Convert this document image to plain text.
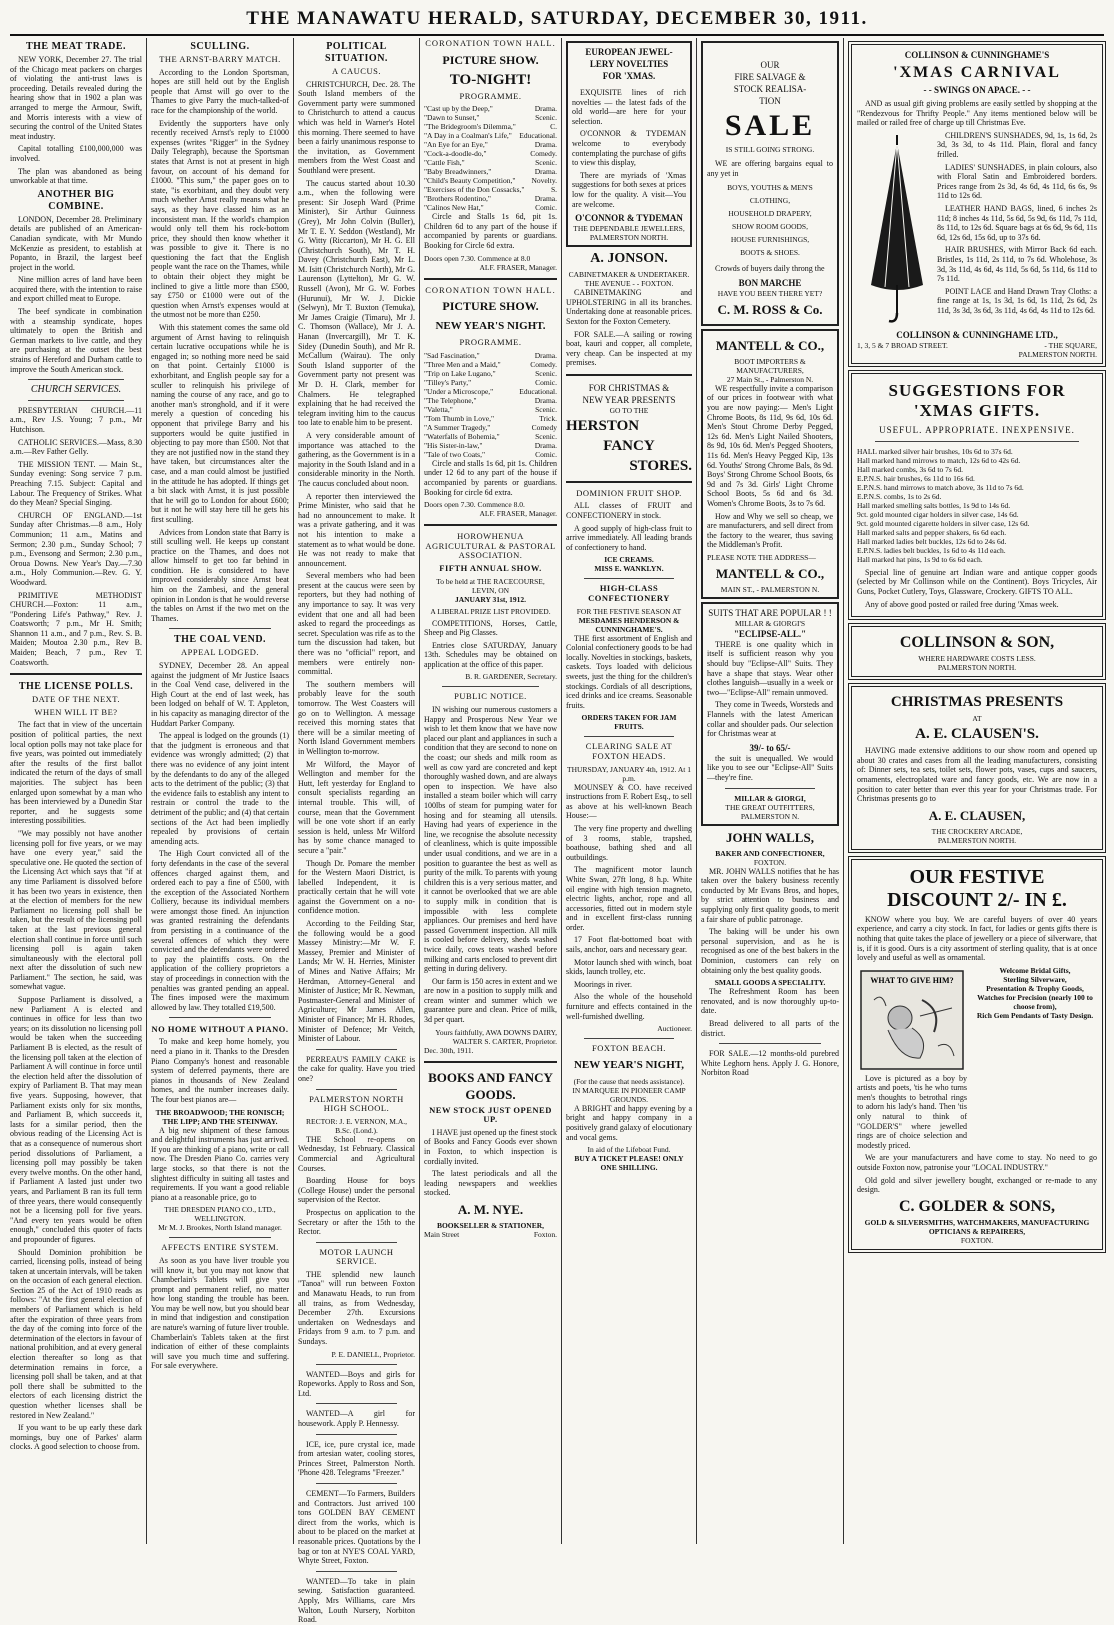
THE MANAWATU HERALD, SATURDAY, DECEMBER 30, 1911.
THE MEAT TRADE.

NEW YORK, December 27. The trial of the Chicago meat packers on charges of violating the anti-trust laws is proceeding. Details revealed during the hearing show that in 1902 a plan was arranged to merge the Armour, Swift, and Morris interests with a view of securing the control of the United States meat industry.

Capital totalling £100,000,000 was involved.

The plan was abandoned as being unworkable at that time.

ANOTHER BIG COMBINE.

LONDON, December 28. Preliminary details are published of an American-Canadian syndicate, with Mr Mundo McKenzie as president, to establish at Popanto, in Brazil, the largest beef project in the world.

Nine million acres of land have been acquired there, with the intention to raise and export chilled meat to Europe.

The beef syndicate in combination with a steamship syndicate, hopes ultimately to open the British and German markets to live cattle, and they are purchasing at the outset the best strains of Hereford and Durham cattle to improve the South American stock.

CHURCH SERVICES.

PRESBYTERIAN CHURCH.—11 a.m., Rev J.S. Young; 7 p.m., Mr Hutchison.

CATHOLIC SERVICES.—Mass, 8.30 a.m.—Rev Father Gelly.

THE MISSION TENT. — Main St., Sunday evening: Song service 7 p.m. Preaching 7.15. Subject: Capital and Labour. The Frequency of Strikes. What do they Mean? Special Singing.

CHURCH OF ENGLAND.—1st Sunday after Christmas.—8 a.m., Holy Communion; 11 a.m., Matins and Sermon; 2.30 p.m., Sunday School; 7 p.m., Evensong and Sermon; 2.30 p.m., Oroua Downs. New Year's Day.—7.30 a.m., Holy Communion.—Rev. G. Y. Woodward.

PRIMITIVE METHODIST CHURCH.—Foxton: 11 a.m., "Pondering Life's Pathway," Rev. J. Coatsworth; 7 p.m., Mr H. Smith; Shannon 11 a.m., and 7 p.m., Rev. S. B. Maiden; Moutoa 2.30 p.m., Rev B. Maiden; Beach, 7 p.m., Rev T. Coatsworth.

THE LICENSE POLLS.
DATE OF THE NEXT.
WHEN WILL IT BE?

The fact that in view of the uncertain position of political parties, the next local option polls may not take place for five years, was pointed out immediately after the results of the first ballot indicated the return of the days of small majorities. The subject has been enlarged upon somewhat by a man who has been interviewed by a Dunedin Star reporter, and he suggests some interesting possibilities.

"We may possibly not have another licensing poll for five years, or we may have one every year," said the speculative one. He quoted the section of the Licensing Act which says that "if at any time Parliament is dissolved before it has been two years in existence, then at the election of members for the new Parliament no licensing poll shall be taken, but the result of the licensing poll taken at the last previous general election shall continue in force until such licensing poll is again taken simultaneously with the electoral poll next after the dissolution of such new Parliament." The section, he said, was somewhat vague.

Suppose Parliament is dissolved, a new Parliament A is elected and continues in office for less than two years; on its dissolution no licensing poll would be taken when the succeeding Parliament B is elected, as the result of the licensing poll taken at the election of Parliament A will continue in force until the election held after the dissolution of expiry of Parliament B. That may mean five years. Supposing, however, that Parliament exists only for six months, and Parliament B, which succeeds it, lasts for a similar period, then the obvious reading of the Licensing Act is that as a consequence of numerous short period dissolutions of Parliament, a licensing poll may possibly be taken every twelve months. On the other hand, if Parliament A lasted just under two years, and Parliament B ran its full term of three years, there would consequently not be a licensing poll for five years. "And every ten years would be often enough," concluded this quoter of facts and propounder of figures.

Should Dominion prohibition be carried, licensing polls, instead of being taken at uncertain intervals, will be taken on the occasion of each general election. Section 25 of the Act of 1910 reads as follows: "At the first general election of members of Parliament which is held after the expiration of three years from the day of the coming into force of the determination of the electors in favour of national prohibition, and at every general election thereafter so long as that determination remains in force, a licensing poll shall be taken, and at that poll there shall be submitted to the electors of each licensing district the question whether licenses shall be restored in New Zealand."

If you want to be up early these dark mornings, buy one of Parkes' alarm clocks. A good selection to choose from.

SCULLING.
THE ARNST-BARRY MATCH.

According to the London Sportsman, hopes are still held out by the English people that Arnst will go over to the Thames to give Parry the much-talked-of race for the championship of the world.

Evidently the supporters have only recently received Arnst's reply to £1000 expenses (writes "Rigger" in the Sydney Daily Telegraph), because the Sportsman states that Arnst is not at present in high favour, on account of his demand for £1000. "This sum," the paper goes on to state, "is exorbitant, and they doubt very much whether Arnst really means what he says, as they have classed him as an inconsistent man. If the world's champion would only tell them his rock-bottom price, they should then know whether it was possible to give it. There is no questioning the fact that the English people want the race on the Thames, while to obtain their object they might be inclined to give a little more than £500, say £750 or £1000 were out of the question when Arnst's expenses would at the utmost not be more than £250.

With this statement comes the same old argument of Arnst having to relinquish certain lucrative occupations while he is engaged in; so nothing more need be said on that point. Certainly £1000 is exhorbitant, and English people say for a sculler to relinquish his privilege of naming the course of any race, and go to another man's stronghold, and if it were merely a question of conceding his opponent that privilege Barry and his supporters would be quite justified in objecting to pay more than £500. Not that they are not justified now in the stand they have taken, but circumstances alter the case, and a man could almost be justified in the attitude he has adopted. If things get a bit slack with Arnst, it is just possible that he will go to London for about £600; but it not he will stay here till he gets his first sculling.

Advices from London state that Barry is still sculling well. He keeps up constant practice on the Thames, and does not allow himself to get too far behind in condition. He is considered to have improved considerably since Arnst beat him on the Zambesi, and the general opinion in London is that he would reverse the tables on Arnst if the two met on the Thames.

THE COAL VEND.
APPEAL LODGED.

SYDNEY, December 28. An appeal against the judgment of Mr Justice Isaacs in the Coal Vend case, delivered in the High Court at the end of last week, has been lodged on behalf of W. T. Appleton, in his capacity as managing director of the Huddart Parker Company.

The appeal is lodged on the grounds (1) that the judgment is erroneous and that evidence was wrongly admitted; (2) that there was no evidence of any joint intent by the defendants to do any of the alleged acts to the detriment of the public; (3) that the evidence fails to establish any intent to restrain or control the trade to the detriment of the public; and (4) that certain sections of the Act had been impliedly repealed by provisions of certain amending acts.

The High Court convicted all of the forty defendants in the case of the several offences charged against them, and ordered each to pay a fine of £500, with the exception of the Associated Northern Colliery, because its individual members were amongst those fined. An injunction was granted restraining the defendants from persisting in a continuance of the several offences of which they were convicted and the defendants were ordered to pay the plaintiffs costs. On the application of the colliery proprietors a stay of proceedings in connection with the penalties was granted pending an appeal. The fines imposed were the maximum allowed by law. They totalled £19,500.

NO HOME WITHOUT A PIANO.

To make and keep home homely, you need a piano in it. Thanks to the Dresden Piano Company's honest and reasonable system of deferred payments, there are pianos in thousands of New Zealand homes, and the number increases daily. The four best pianos are—

THE BROADWOOD; THE RONISCH; THE LIPP; AND THE STEINWAY.

A big new shipment of these famous and delightful instruments has just arrived. If you are thinking of a piano, write or call now. The Dresden Piano Co. carries very large stocks, so that there is not the slightest difficulty in suiting all tastes and requirements. If you want a good reliable piano at a reasonable price, go to

THE DRESDEN PIANO CO., LTD., WELLINGTON.
Mr M. J. Brookes, North Island manager.
AFFECTS ENTIRE SYSTEM.

As soon as you have liver trouble you will know it, but you may not know that Chamberlain's Tablets will give you prompt and permanent relief, no matter how long standing the trouble has been. You may be well now, but you should bear in mind that indigestion and constipation are nature's warning of future liver trouble. Chamberlain's Tablets taken at the first indication of either of these complaints will save you much time and suffering. For sale everywhere.

POLITICAL SITUATION.
A CAUCUS.

CHRISTCHURCH, Dec. 28. The South Island members of the Government party were summoned to Christchurch to attend a caucus which was held in Warner's Hotel this morning. There seemed to have been a fairly unanimous response to the invitation, as Government members from the West Coast and Southland were present.

The caucus started about 10.30 a.m., when the following were present: Sir Joseph Ward (Prime Minister), Sir Arthur Guinness (Grey), Mr John Colvin (Buller), Mr T. E. Y. Seddon (Westland), Mr G. Witty (Riccarton), Mr H. G. Ell (Christchurch South), Mr T. H. Davey (Christchurch East), Mr L. M. Isitt (Christchurch North), Mr G. Laurenson (Lyttelton), Mr G. W. Russell (Avon), Mr G. W. Forbes (Hurunui), Mr W. J. Dickie (Selwyn), Mr T. Buxton (Temuka), Mr James Craigie (Timaru), Mr J. C. Thomson (Wallace), Mr J. A. Hanan (Invercargill), Mr T. K. Sidey (Dunedin South), and Mr R. McCallum (Wairau). The only South Island supporter of the Government party not present was Mr D. H. Clark, member for Chalmers. He telegraphed explaining that he had received the telegram inviting him to the caucus too late to enable him to be present.

A very considerable amount of importance was attached to the gathering, as the Government is in a majority in the South Island and in a considerable minority in the North. The caucus concluded about noon.

A reporter then interviewed the Prime Minister, who said that he had no announcement to make. It was a private gathering, and it was not his intention to make a statement as to what would be done. He was not ready to make that announcement.

Several members who had been present at the caucus were seen by reporters, but they had nothing of any importance to say. It was very evident that one and all had been asked to regard the proceedings as secret. Speculation was rife as to the turn the discussion had taken, but there was no "official" report, and members were entirely non-committal.

The southern members will probably leave for the south tomorrow. The West Coasters will go on to Wellington. A message received this morning states that there will be a similar meeting of North Island Government members in Wellington to-morrow.

Mr Wilford, the Mayor of Wellington and member for the Hutt, left yesterday for England to consult specialists regarding an internal trouble. This will, of course, mean that the Government will be one vote short if an early session is held, unless Mr Wilford has by some chance managed to secure a "pair."

Though Dr. Pomare the member for the Western Maori District, is labelled Independent, it is practically certain that he will vote against the Government on a no-confidence motion.

According to the Feilding Star, the following would be a good Massey Ministry:—Mr W. F. Massey, Premier and Minister of Lands; Mr W. H. Herries, Minister of Mines and Native Affairs; Mr Herdman, Attorney-General and Minister of Justice; Mr R. Newman, Postmaster-General and Minister of Agriculture; Mr James Allen, Minister of Finance; Mr H. Rhodes, Minister of Defence; Mr Veitch, Minister of Labour.

PERREAU'S FAMILY CAKE is the cake for quality. Have you tried one?

PALMERSTON NORTH HIGH SCHOOL.
RECTOR: J. E. VERNON, M.A., B.Sc. (Lond.).

THE School re-opens on Wednesday, 1st February. Classical Commercial and Agricultural Courses.

Boarding House for boys (College House) under the personal supervision of the Rector.

Prospectus on application to the Secretary or after the 15th to the Rector.

MOTOR LAUNCH SERVICE.

THE splendid new launch "Tanoa" will run between Foxton and Manawatu Heads, to run from all trains, as from Wednesday, December 27th. Excursions undertaken on Wednesdays and Fridays from 9 a.m. to 7 p.m. and Sundays.

P. E. DANIELL, Proprietor.

WANTED—Boys and girls for Ropeworks. Apply to Ross and Son, Ltd.

WANTED—A girl for housework. Apply P. Hennessy.

ICE, ice, pure crystal ice, made from artesian water, cooling stores, Princes Street, Palmerston North. 'Phone 428. Telegrams "Freezer."

CEMENT—To Farmers, Builders and Contractors. Just arrived 100 tons GOLDEN BAY CEMENT direct from the works, which is about to be placed on the market at reasonable prices. Quotations by the bag or ton at NYE'S COAL YARD, Whyte Street, Foxton.

WANTED—To take in plain sewing. Satisfaction guaranteed. Apply, Mrs Williams, care Mrs Walton, Louth Nursery, Norbiton Road.

CORONATION TOWN HALL.
PICTURE SHOW.
TO-NIGHT!
PROGRAMME.
"Cast up by the Deep,"	Drama.
"Dawn to Sunset,"	Scenic.
"The Bridegroom's Dilemma,"	C.
"A Day in a Coalman's Life," Educational.
"An Eye for an Eye,"	Drama.
"Cock-a-doodle-do,"	Comedy.
"Cattle Fish,"	Scenic.
"Baby Breadwinners,"	Drama.
"Child's Beauty Competition," Novelty.
"Exercises of the Don Cossacks,"	S.
"Brothers Rodentino,"	Drama.
"Calinos New Hat,"	Comic.

Circle and Stalls 1s 6d, pit 1s. Children 6d to any part of the house if accompanied by parents or guardians. Booking for Circle 6d extra.

Doors open 7.30. Commence at 8.0
ALF. FRASER, Manager.
CORONATION TOWN HALL.
PICTURE SHOW.
NEW YEAR'S NIGHT.
PROGRAMME.
"Sad Fascination,"	Drama.
"Three Men and a Maid,"	Comedy.
"Trip on Lake Lugano,"	Scenic.
"Tilley's Party,"	Comic.
"Under a Microscope,"	Educational.
"The Telephone,"	Drama.
"Valetta,"	Scenic.
"Tom Thumb in Love,"	Trick.
"A Summer Tragedy,"	Comedy
"Waterfalls of Bohemia,"	Scenic.
"His Sister-in-law,"	Drama.
"Tale of two Coats,"	Comic.

Circle and stalls 1s 6d, pit 1s. Children under 12 6d to any part of the house if accompanied by parents or guardians. Booking for circle 6d extra.

Doors open 7.30. Commence 8.0.
ALF. FRASER, Manager.
HOROWHENUA AGRICULTURAL & PASTORAL ASSOCIATION.
FIFTH ANNUAL SHOW.
To be held at THE RACECOURSE, LEVIN, ON
JANUARY 31st, 1912.
A LIBERAL PRIZE LIST PROVIDED.

COMPETITIONS, Horses, Cattle, Sheep and Pig Classes.

Entries close SATURDAY, January 13th. Schedules may be obtained on application at the office of this paper.

B. R. GARDENER, Secretary.
PUBLIC NOTICE.

IN wishing our numerous customers a Happy and Prosperous New Year we wish to let them know that we have now placed our plant and appliances in such a condition that they are second to none on the coast; our sheds and milk room as well as cow yard are concreted and kept thoroughly washed down, and are always open to inspection. We have also installed a steam boiler which will carry 100lbs of steam for pumping water for hosing and for steaming all utensils. Having had years of experience in the line, we recognise the absolute necessity of cleanliness, which is quite impossible under usual conditions, and we are in a position to guarantee the best as well as purity of the milk. To parents with young children this is a very serious matter, and it cannot be overlooked that we are able to supply milk in condition that is impossible with less complete appliances. Our premises and herd have passed Government inspection. All milk is cooled before delivery, sheds washed twice daily, cows teats washed before milking and carts enclosed to prevent dirt getting in during delivery.

Our farm is 150 acres in extent and we are now in a position to supply milk and cream winter and summer which we guarantee pure and clean. Price of milk, 3d per quart.

Yours faithfully, AWA DOWNS DAIRY, WALTER S. CARTER, Proprietor.
Dec. 30th, 1911.
BOOKS AND FANCY GOODS.
NEW STOCK JUST OPENED UP.

I HAVE just opened up the finest stock of Books and Fancy Goods ever shown in Foxton, to which inspection is cordially invited.

The latest periodicals and all the leading newspapers and weeklies stocked.

A. M. NYE.
BOOKSELLER & STATIONER,
Main Street	Foxton.
EUROPEAN JEWEL-
LERY NOVELTIES
FOR 'XMAS.

EXQUISITE lines of rich novelties — the latest fads of the old world—are here for your selection.

O'CONNOR & TYDEMAN welcome to everybody contemplating the purchase of gifts to view this display,

There are myriads of 'Xmas suggestions for both sexes at prices low for the quality. A visit—You are welcome.

O'CONNOR & TYDEMAN
THE DEPENDABLE JEWELLERS,
PALMERSTON NORTH.
A. JONSON.
CABINETMAKER & UNDERTAKER.
THE AVENUE - - FOXTON.

CABINETMAKING and UPHOLSTERING in all its branches. Undertaking done at reasonable prices. Sexton for the Foxton Cemetery.

FOR SALE.—A sailing or rowing boat, kauri and copper, all complete, very cheap. Can be inspected at my premises.

FOR CHRISTMAS &
NEW YEAR PRESENTS
GO TO THE
HERSTON
FANCY
STORES.
DOMINION FRUIT SHOP.

ALL classes of FRUIT and CONFECTIONERY in stock.

A good supply of high-class fruit to arrive immediately. All leading brands of confectionery to hand.

ICE CREAMS.
MISS E. WANKLYN.
HIGH-CLASS CONFECTIONERY
FOR THE FESTIVE SEASON AT
MESDAMES HENDERSON & CUNNINGHAME'S.

THE first assortment of English and Colonial confectionery goods to be had locally. Novelties in stockings, baskets, caskets. Toys loaded with delicious sweets, just the thing for the children's stockings. Cordials of all descriptions, iced drinks and ice creams. Seasonable fruits.

ORDERS TAKEN FOR JAM FRUITS.
CLEARING SALE AT FOXTON HEADS.
THURSDAY, JANUARY 4th, 1912. At 1 p.m.

MOUNSEY & CO. have received instructions from F. Robert Esq., to sell as above at his well-known Beach House:—

The very fine property and dwelling of 3 rooms, stable, trapshed, boathouse, bathing shed and all outbuildings.

The magnificent motor launch White Swan, 27ft long, 8 h.p. White oil engine with high tension magneto, electric lights, anchor, rope and all accessories, fitted out in modern style and in excellent first-class running order.

17 Foot flat-bottomed boat with sails, anchor, oars and necessary gear.

Motor launch shed with winch, boat skids, launch trolley, etc.

Moorings in river.

Also the whole of the household furniture and effects contained in the well-furnished dwelling.

Auctioneer.
FOXTON BEACH.
NEW YEAR'S NIGHT,
(For the cause that needs assistance).
IN MARQUEE IN PIONEER CAMP GROUNDS.

A BRIGHT and happy evening by a bright and happy company in a positively grand galaxy of elocutionary and vocal gems.

In aid of the Lifeboat Fund.
BUY A TICKET PLEASE! ONLY ONE SHILLING.
OUR
FIRE SALVAGE &
STOCK REALISA-
TION
SALE
IS STILL GOING STRONG.

WE are offering bargains equal to any yet in

BOYS, YOUTHS & MEN'S
CLOTHING,
HOUSEHOLD DRAPERY,
SHOW ROOM GOODS,
HOUSE FURNISHINGS,
BOOTS & SHOES.

Crowds of buyers daily throng the

BON MARCHE
HAVE YOU BEEN THERE YET?
C. M. ROSS & Co.
MANTELL & CO.,
BOOT IMPORTERS & MANUFACTURERS,
27 Main St., - Palmerston N.

WE respectfully invite a comparison of our prices in footwear with what you are now paying:— Men's Light Chrome Boots, 8s 11d, 9s 6d, 10s 6d. Men's Stout Chrome Derby Pegged, 12s 6d. Men's Light Nailed Shooters, 8s 9d, 10s 6d. Men's Pegged Shooters, 11s 6d. Men's Heavy Pegged Kip, 13s 6d. Youths' Strong Chrome Bals, 8s 9d. Boys' Strong Chrome School Boots, 6s 9d and 7s 3d. Girls' Light Chrome School Boots, 5s 6d and 6s 3d. Women's Chrome Boots, 3s to 7s 6d.

How and Why we sell so cheap, we are manufacturers, and sell direct from the factory to the wearer, thus saving the Middleman's Profit.

PLEASE NOTE THE ADDRESS—
MANTELL & CO.,
MAIN ST., - PALMERSTON N.
SUITS THAT ARE POPULAR ! !
MILLAR & GIORGI'S
"ECLIPSE-ALL."

THERE is one quality which in itself is sufficient reason why you should buy "Eclipse-All" Suits. They have a shape that stays. Wear other clothes languish—usually in a week or two—"Eclipse-All" remain unmoved.

They come in Tweeds, Worsteds and Flannels with the latest American collar and shoulder pads. Our selection for Christmas wear at

39/- to 65/-

the suit is unequalled. We would like you to see our "Eclipse-All" Suits—they're fine.

MILLAR & GIORGI,
THE GREAT OUTFITTERS,
PALMERSTON N.
JOHN WALLS,
BAKER AND CONFECTIONER,
FOXTON.

MR. JOHN WALLS notifies that he has taken over the bakery business recently conducted by Mr Evans Bros, and hopes, by strict attention to business and supplying only first quality goods, to merit a fair share of public patronage.

The baking will be under his own personal supervision, and as he is recognised as one of the best bakers in the Dominion, customers can rely on obtaining only the best quality goods.

SMALL GOODS A SPECIALITY.

The Refreshment Room has been renovated, and is now thoroughly up-to-date.

Bread delivered to all parts of the district.

FOR SALE.—12 months-old purebred White Leghorn hens. Apply J. G. Honore, Norbiton Road

COLLINSON & CUNNINGHAME'S
'XMAS CARNIVAL
- - SWINGS ON APACE. - -

AND as usual gift giving problems are easily settled by shopping at the "Rendezvous for Thrifty People." Any items mentioned below will be mailed or railed free of charge up till Christmas Eve.

CHILDREN'S SUNSHADES, 9d, 1s, 1s 6d, 2s 3d, 3s 3d, to 4s 11d. Plain, floral and fancy frilled.

LADIES' SUNSHADES, in plain colours, also with Floral Satin and Embroidered borders. Prices range from 2s 3d, 4s 6d, 4s 11d, 6s 6s, 9s 11d to 12s 6d.

LEATHER HAND BAGS, lined, 6 inches 2s 11d; 8 inches 4s 11d, 5s 6d, 5s 9d, 6s 11d, 7s 11d, 8s 11d, to 12s 6d. Square bags at 6s 6d, 9s 6d, 11s 6d, 12s 6d, 15s 6d, up to 37s 6d.

HAIR BRUSHES, with Mirror Back 6d each. Bristles, 1s 11d, 2s 11d, to 7s 6d. Wholehose, 3s 3d, 3s 11d, 4s 6d, 4s 11d, 5s 6d, 5s 11d, 6s 11d to 7s 11d.

POINT LACE and Hand Drawn Tray Cloths: a fine range at 1s, 1s 3d, 1s 6d, 1s 11d, 2s 6d, 2s 11d, 3s 3d, 3s 6d, 3s 11d, 4s 6d, 4s 11d to 12s 6d.

COLLINSON & CUNNINGHAME LTD.,
1, 3, 5 & 7 BROAD STREET.	- THE SQUARE,
PALMERSTON NORTH.
SUGGESTIONS FOR 'XMAS GIFTS.
USEFUL. APPROPRIATE. INEXPENSIVE.
HALL marked silver hair brushes, 10s 6d to 37s 6d.
Hall marked hand mirrows to match, 12s 6d to 42s 6d.
Hall marked combs, 3s 6d to 7s 6d.
E.P.N.S. hair brushes, 6s 11d to 16s 6d.
E.P.N.S. hand mirrows to match above, 3s 11d to 7s 6d.
E.P.N.S. combs, 1s to 2s 6d.
Hall marked smelling salts bottles, 1s 9d to 14s 6d.
9ct. gold mounted cigar holders in silver case, 14s 6d.
9ct. gold mounted cigarette holders in silver case, 12s 6d.
Hall marked salts and pepper shakers, 6s 6d each.
Hall marked ladies belt buckles, 12s 6d to 24s 6d.
E.P.N.S. ladies belt buckles, 1s 6d to 4s 11d each.
Hall marked hat pins, 1s 9d to 6s 6d each.

Special line of genuine art Indian ware and antique copper goods (selected by Mr Collinson while on the Continent). Boys Tricycles, Air Guns, Pocket Cutlery, Toys, Glassware, Crockery. GIFTS TO ALL.

Any of above good posted or railed free during 'Xmas week.

COLLINSON & SON,
WHERE HARDWARE COSTS LESS.
PALMERSTON NORTH.
CHRISTMAS PRESENTS
AT
A. E. CLAUSEN'S.

HAVING made extensive additions to our show room and opened up about 30 crates and cases from all the leading manufacturers, consisting of: Dinner sets, tea sets, toilet sets, flower pots, vases, cups and saucers, ornaments, electroplated ware and fancy goods, etc. We are now in a position to cater better than ever this year for your Christmas trade. For Christmas presents go to

A. E. CLAUSEN,
THE CROCKERY ARCADE,
PALMERSTON NORTH.
OUR FESTIVE DISCOUNT 2/- IN £.

KNOW where you buy. We are careful buyers of over 40 years experience, and carry a city stock. In fact, for ladies or gents gifts there is nothing that quite takes the place of jewellery or a piece of silverware, that is, if it is good. Ours is a city assortment of sterling quality, that is at once lovely and useful as well as ornamental.

WHAT TO GIVE HIM?

Love is pictured as a boy by artists and poets, 'tis he who turns men's thoughts to betrothal rings to adorn his lady's hand. Then 'tis only natural to think of "GOLDER'S" where jewelled rings are of choice selection and modestly priced.

Welcome Bridal Gifts,
Sterling Silverware,
Presentation & Trophy Goods,
Watches for Precision (nearly 100 to choose from),
Rich Gem Pendants of Tasty Design.

We are your manufacturers and have come to stay. No need to go outside Foxton now, patronise your "LOCAL INDUSTRY."

Old gold and silver jewellery bought, exchanged or re-made to any design.

C. GOLDER & SONS,
GOLD & SILVERSMITHS, WATCHMAKERS, MANUFACTURING OPTICIANS & REPAIRERS,
FOXTON.
